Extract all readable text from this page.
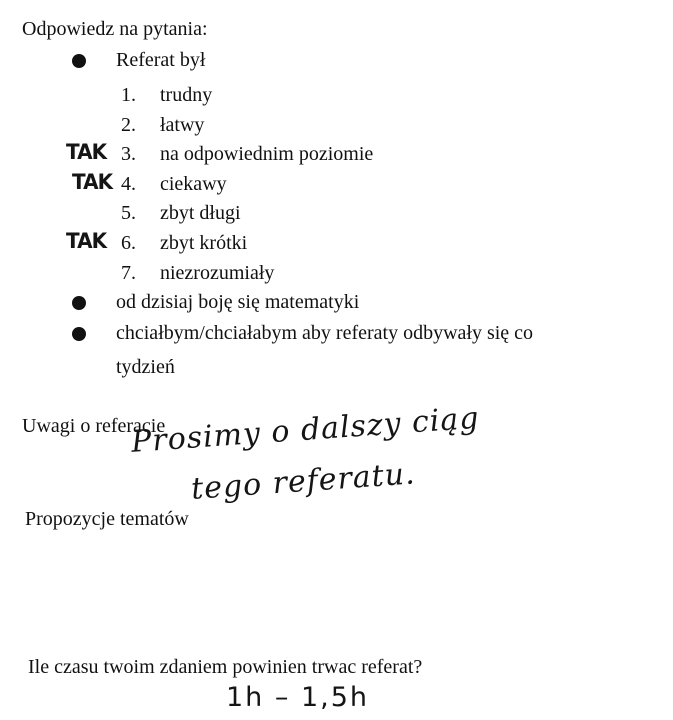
Odpowiedz na pytania:
Referat był
1. trudny
2. łatwy
TAK 3. na odpowiednim poziomie
TAK 4. ciekawy
5. zbyt długi
TAK 6. zbyt krótki
7. niezrozumiały
od dzisiaj boję się matematyki
chciałbym/chciałabym aby referaty odbywały się co
tydzień
Uwagi o referacie
Prosimy o dalszy ciąg
tego referatu.
Propozycje tematów
Ile czasu twoim zdaniem powinien trwac referat?
1h – 1,5h
